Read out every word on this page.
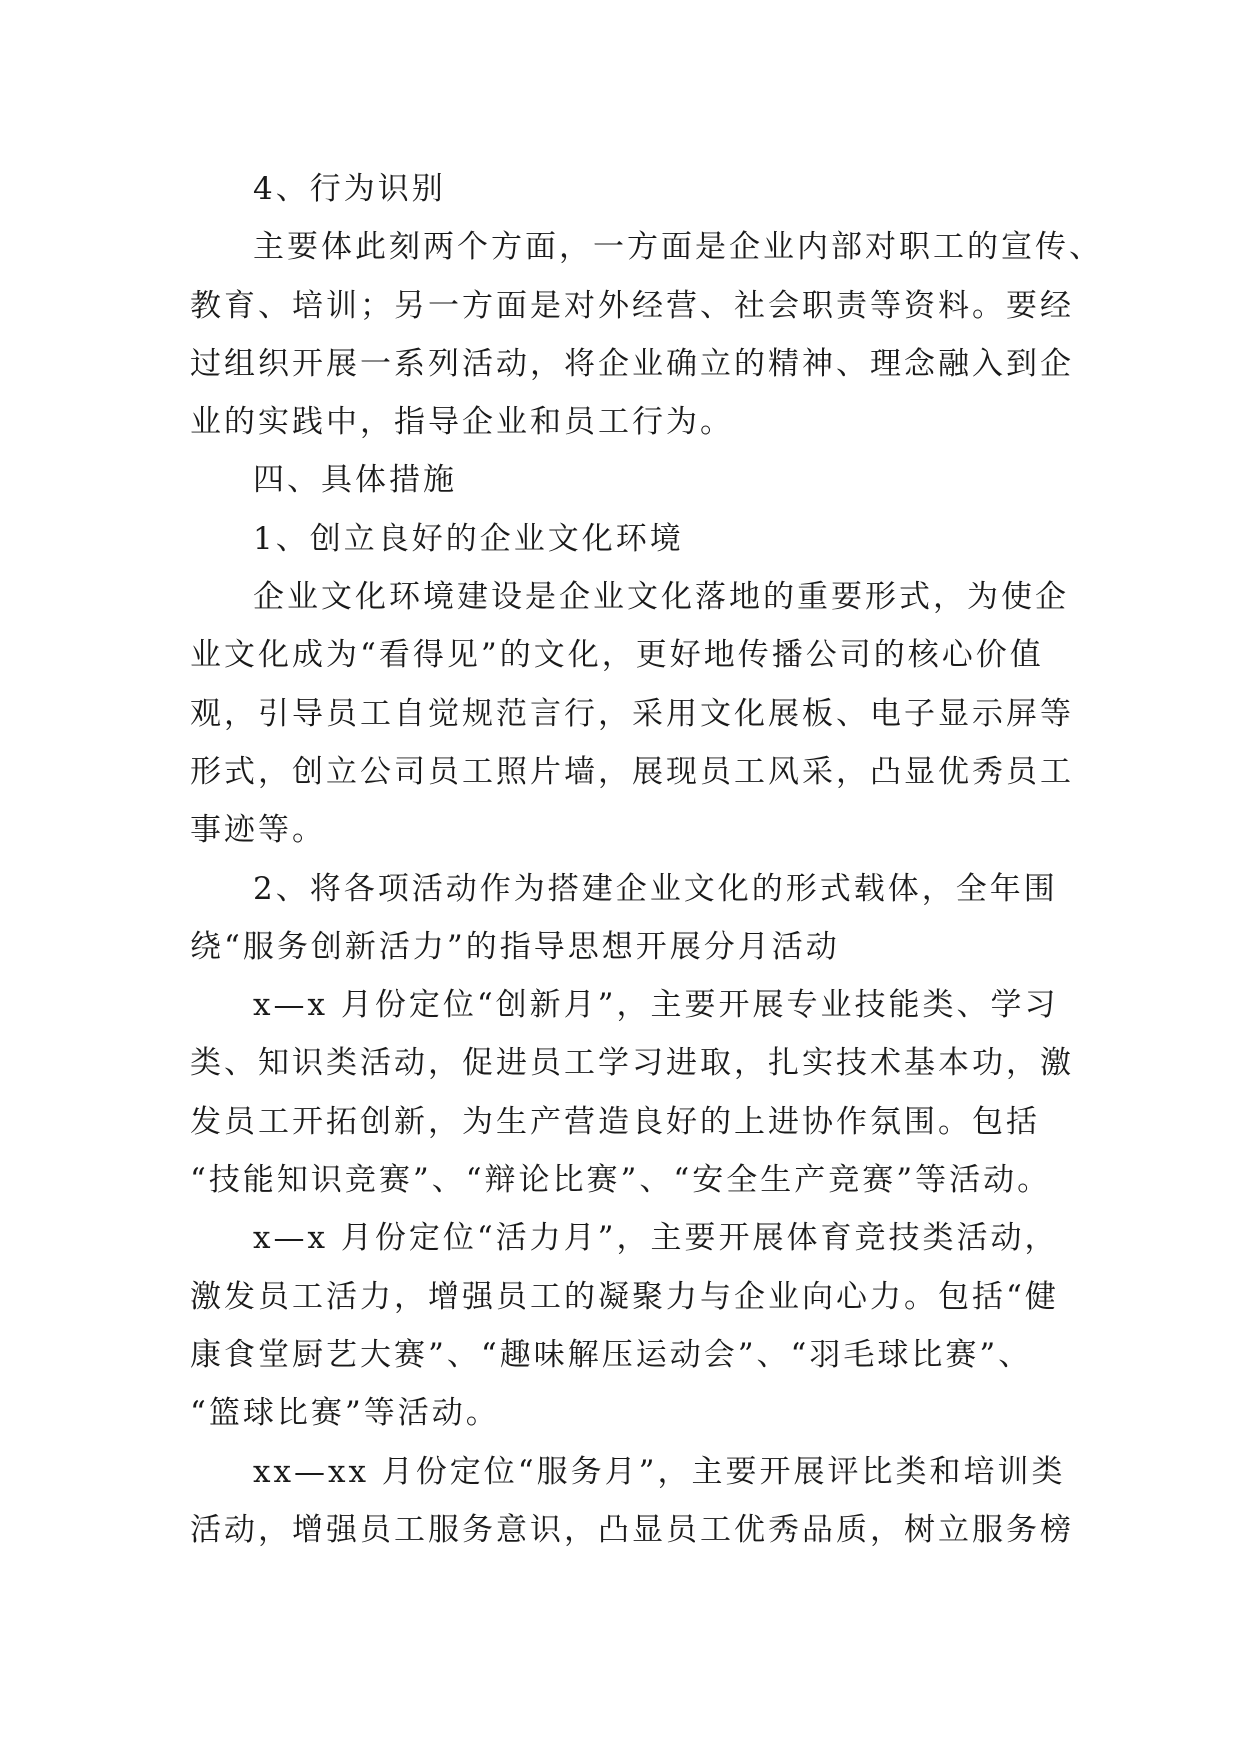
4、行为识别
主要体此刻两个方面，一方面是企业内部对职工的宣传、
教育、培训；另一方面是对外经营、社会职责等资料。要经
过组织开展一系列活动，将企业确立的精神、理念融入到企
业的实践中，指导企业和员工行为。
四、具体措施
1、创立良好的企业文化环境
企业文化环境建设是企业文化落地的重要形式，为使企
业文化成为“看得见”的文化，更好地传播公司的核心价值
观，引导员工自觉规范言行，采用文化展板、电子显示屏等
形式，创立公司员工照片墙，展现员工风采，凸显优秀员工
事迹等。
2、将各项活动作为搭建企业文化的形式载体，全年围
绕“服务创新活力”的指导思想开展分月活动
x—x 月份定位“创新月”，主要开展专业技能类、学习
类、知识类活动，促进员工学习进取，扎实技术基本功，激
发员工开拓创新，为生产营造良好的上进协作氛围。包括
“技能知识竞赛”、“辩论比赛”、“安全生产竞赛”等活动。
x—x 月份定位“活力月”，主要开展体育竞技类活动，
激发员工活力，增强员工的凝聚力与企业向心力。包括“健
康食堂厨艺大赛”、“趣味解压运动会”、“羽毛球比赛”、
“篮球比赛”等活动。
xx—xx 月份定位“服务月”，主要开展评比类和培训类
活动，增强员工服务意识，凸显员工优秀品质，树立服务榜
